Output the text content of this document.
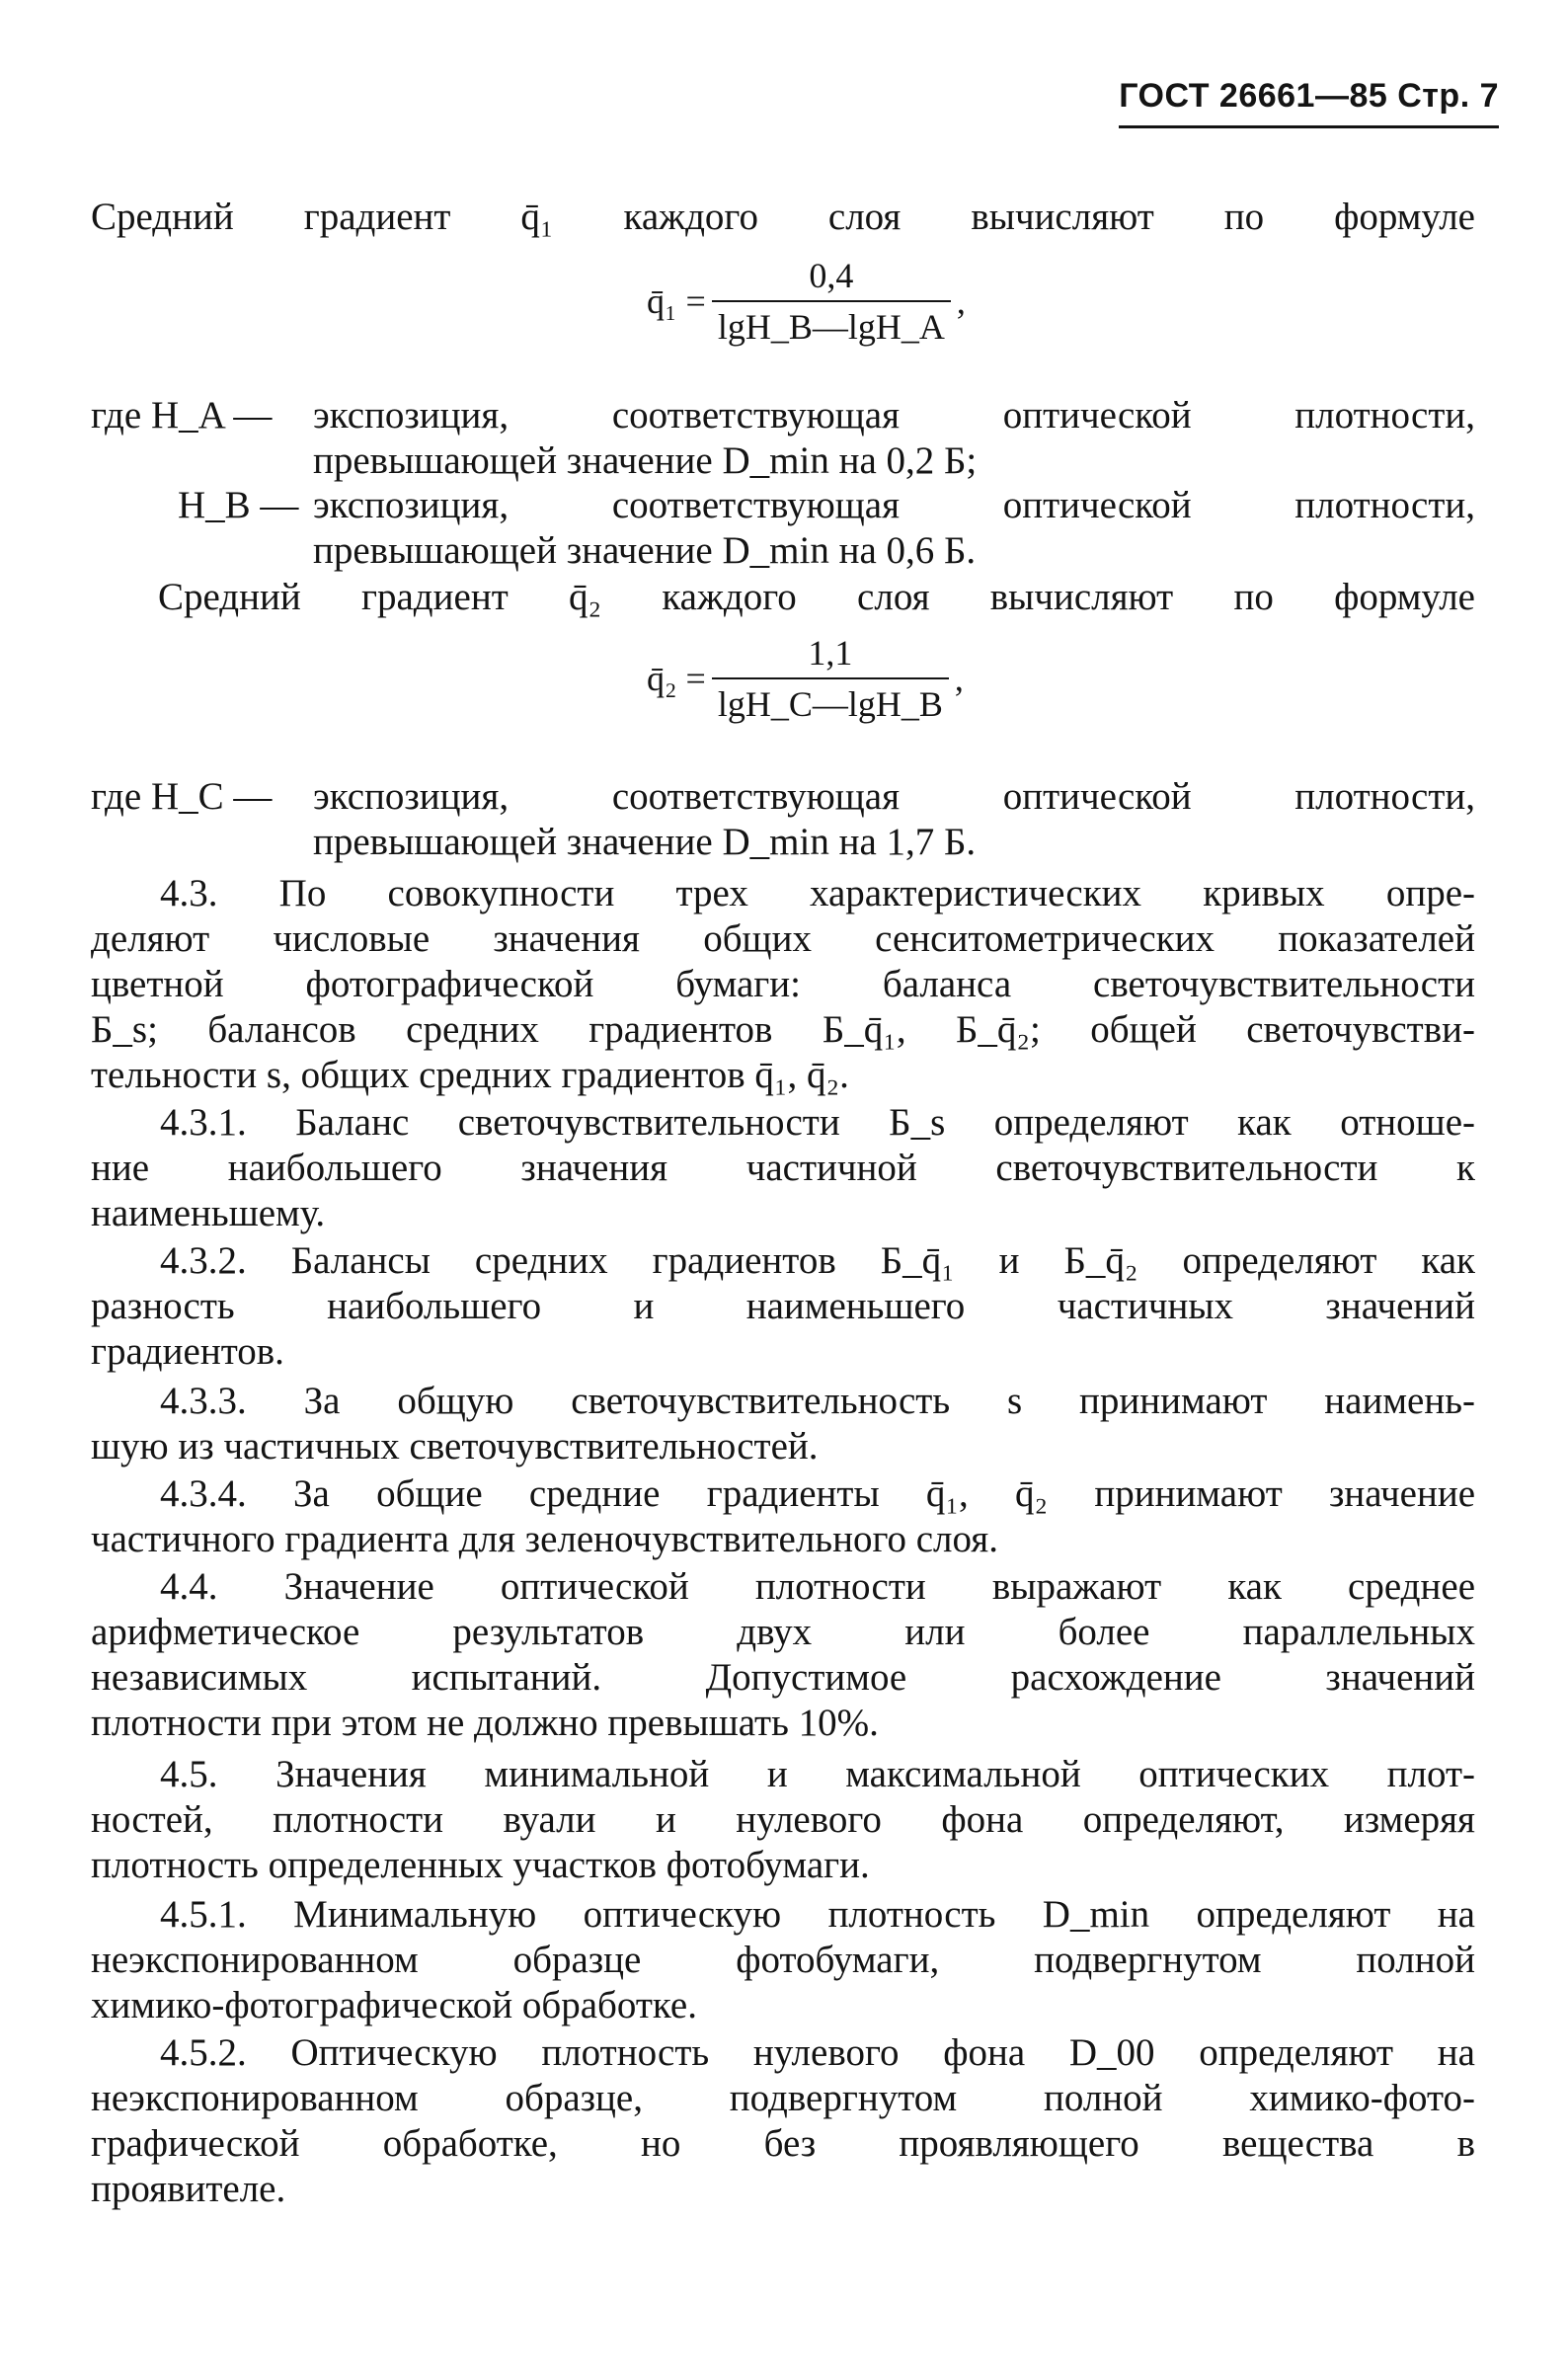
ГОСТ 26661—85 Стр. 7
Средний градиент q̄₁ каждого слоя вычисляют по формуле
q̄₁ = $\frac{0,4}{\lg H\_B—\lg H\_A}$ ,
где H_A — экспозиция, соответствующая оптической плотности,
превышающей значение D_min на 0,2 Б;
H_B — экспозиция, соответствующая оптической плотности,
превышающей значение D_min на 0,6 Б.
Средний градиент q̄₂ каждого слоя вычисляют по формуле
q̄₂ = $\frac{1,1}{\lg H\_C—\lg H\_B}$ ,
где H_C — экспозиция, соответствующая оптической плотности,
превышающей значение D_min на 1,7 Б.
4.3. По совокупности трех характеристических кривых опре-
деляют числовые значения общих сенситометрических показателей
цветной фотографической бумаги: баланса светочувствительности
Б_s; балансов средних градиентов Б_q̄₁, Б_q̄₂; общей светочувстви-
тельности s, общих средних градиентов q̄₁, q̄₂.
4.3.1. Баланс светочувствительности Б_s определяют как отноше-
ние наибольшего значения частичной светочувствительности к
наименьшему.
4.3.2. Балансы средних градиентов Б_q̄₁ и Б_q̄₂ определяют как
разность наибольшего и наименьшего частичных значений
градиентов.
4.3.3. За общую светочувствительность s принимают наимень-
шую из частичных светочувствительностей.
4.3.4. За общие средние градиенты q̄₁, q̄₂ принимают значение
частичного градиента для зеленочувствительного слоя.
4.4. Значение оптической плотности выражают как среднее
арифметическое результатов двух или более параллельных
независимых испытаний. Допустимое расхождение значений
плотности при этом не должно превышать 10%.
4.5. Значения минимальной и максимальной оптических плот-
ностей, плотности вуали и нулевого фона определяют, измеряя
плотность определенных участков фотобумаги.
4.5.1. Минимальную оптическую плотность D_min определяют на
неэкспонированном образце фотобумаги, подвергнутом полной
химико-фотографической обработке.
4.5.2. Оптическую плотность нулевого фона D_00 определяют на
неэкспонированном образце, подвергнутом полной химико-фото-
графической обработке, но без проявляющего вещества в
проявителе.
